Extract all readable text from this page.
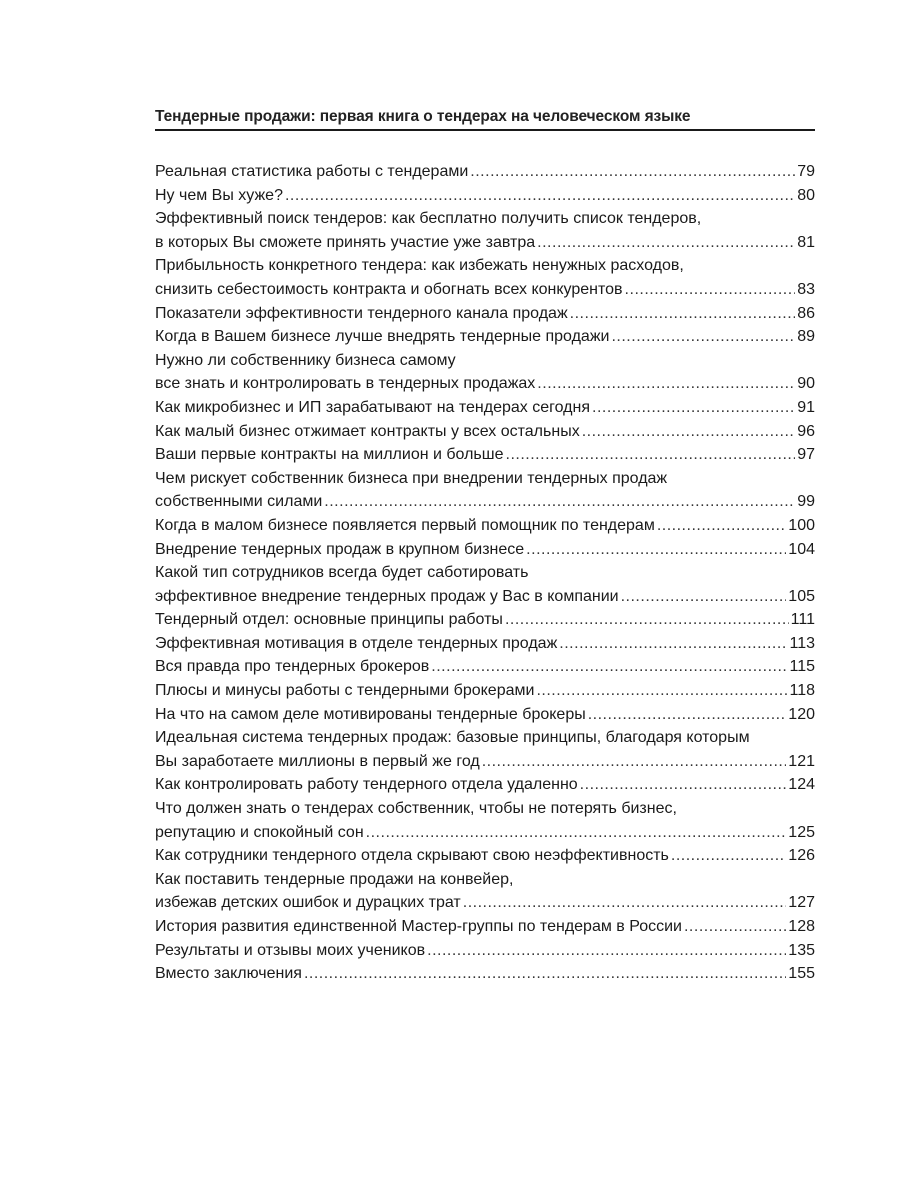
Тендерные продажи: первая книга о тендерах на человеческом языке
Реальная статистика работы с тендерами .....	79
Ну чем Вы хуже? .....	80
Эффективный поиск тендеров: как бесплатно получить список тендеров,
в которых Вы сможете принять участие уже завтра .....	81
Прибыльность конкретного тендера: как избежать ненужных расходов,
снизить себестоимость контракта и обогнать всех конкурентов .....	83
Показатели эффективности тендерного канала продаж .....	86
Когда в Вашем бизнесе лучше внедрять тендерные продажи .....	89
Нужно ли собственнику бизнеса самому
все знать и контролировать в тендерных продажах .....	90
Как микробизнес и ИП зарабатывают на тендерах сегодня .....	91
Как малый бизнес отжимает контракты у всех остальных .....	96
Ваши первые контракты на миллион и больше .....	97
Чем рискует собственник бизнеса при внедрении тендерных продаж
собственными силами .....	99
Когда в малом бизнесе появляется первый помощник по тендерам .....	100
Внедрение тендерных продаж в крупном бизнесе .....	104
Какой тип сотрудников всегда будет саботировать
эффективное внедрение тендерных продаж у Вас в компании .....	105
Тендерный отдел: основные принципы работы .....	111
Эффективная мотивация в отделе тендерных продаж .....	113
Вся правда про тендерных брокеров .....	115
Плюсы и минусы работы с тендерными брокерами .....	118
На что на самом деле мотивированы тендерные брокеры .....	120
Идеальная система тендерных продаж: базовые принципы, благодаря которым
Вы заработаете миллионы в первый же год .....	121
Как контролировать работу тендерного отдела удаленно .....	124
Что должен знать о тендерах собственник, чтобы не потерять бизнес,
репутацию и спокойный сон .....	125
Как сотрудники тендерного отдела скрывают свою неэффективность .....	126
Как поставить тендерные продажи на конвейер,
избежав детских ошибок и дурацких трат .....	127
История развития единственной Мастер-группы по тендерам в России .....	128
Результаты и отзывы моих учеников .....	135
Вместо заключения .....	155
